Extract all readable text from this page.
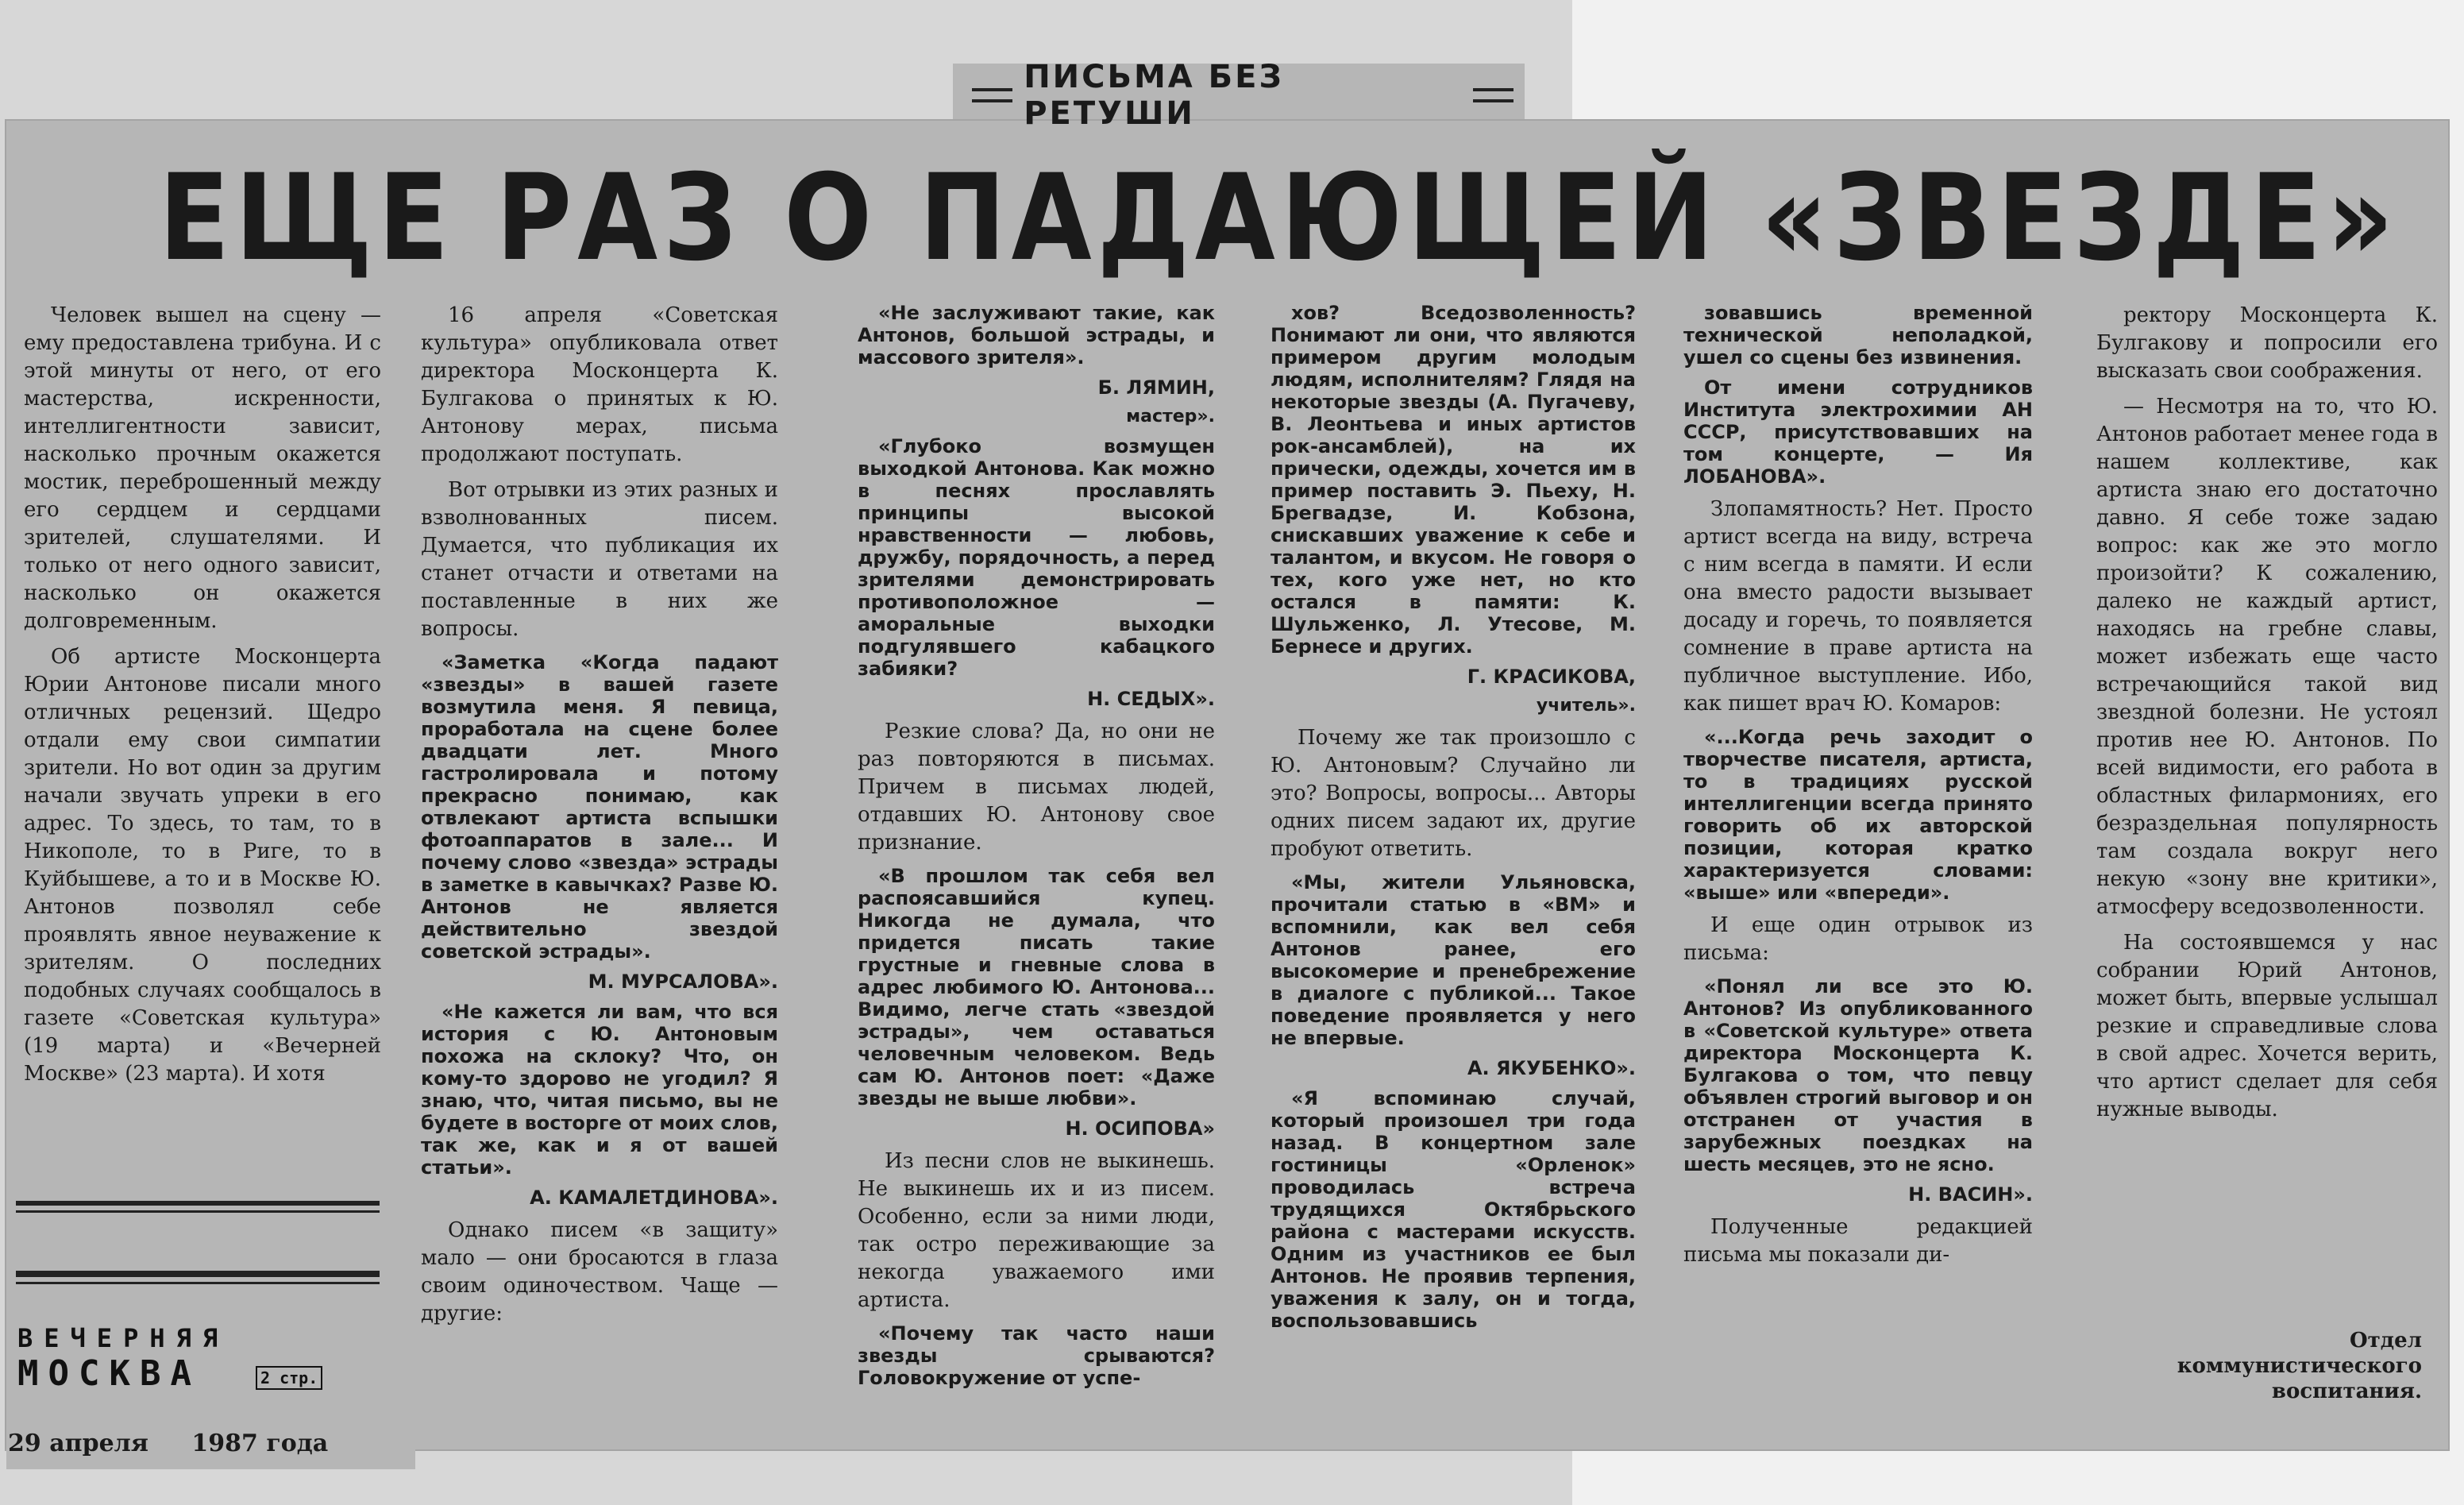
ПИСЬМА БЕЗ РЕТУШИ
ЕЩЕ РАЗ О ПАДАЮЩЕЙ «ЗВЕЗДЕ»

Человек вышел на сцену — ему предоставлена трибуна. И с этой минуты от него, от его мастерства, искренности, интеллигентности зависит, насколько прочным окажется мостик, переброшенный между его сердцем и сердцами зрителей, слушателями. И только от него одного зависит, насколько он окажется долговременным.

Об артисте Москонцерта Юрии Антонове писали много отличных рецензий. Щедро отдали ему свои симпатии зрители. Но вот один за другим начали звучать упреки в его адрес. То здесь, то там, то в Никополе, то в Риге, то в Куйбышеве, а то и в Москве Ю. Антонов позволял себе проявлять явное неуважение к зрителям. О последних подобных случаях сообщалось в газете «Советская культура» (19 марта) и «Вечерней Москве» (23 марта). И хотя

16 апреля «Советская культура» опубликовала ответ директора Москонцерта К. Булгакова о принятых к Ю. Антонову мерах, письма продолжают поступать.

Вот отрывки из этих разных и взволнованных писем. Думается, что публикация их станет отчасти и ответами на поставленные в них же вопросы.

«Заметка «Когда падают «звезды» в вашей газете возмутила меня. Я певица, проработала на сцене более двадцати лет. Много гастролировала и потому прекрасно понимаю, как отвлекают артиста вспышки фотоаппаратов в зале... И почему слово «звезда» эстрады в заметке в кавычках? Разве Ю. Антонов не является действительно звездой советской эстрады».

М. МУРСАЛОВА».

«Не кажется ли вам, что вся история с Ю. Антоновым похожа на склоку? Что, он кому-то здорово не угодил? Я знаю, что, читая письмо, вы не будете в восторге от моих слов, так же, как и я от вашей статьи».

А. КАМАЛЕТДИНОВА».

Однако писем «в защиту» мало — они бросаются в глаза своим одиночеством. Чаще — другие:

«Не заслуживают такие, как Антонов, большой эстрады, и массового зрителя».

Б. ЛЯМИН,

мастер».

«Глубоко возмущен выходкой Антонова. Как можно в песнях прославлять принципы высокой нравственности — любовь, дружбу, порядочность, а перед зрителями демонстрировать противоположное — аморальные выходки подгулявшего кабацкого забияки?

Н. СЕДЫХ».

Резкие слова? Да, но они не раз повторяются в письмах. Причем в письмах людей, отдавших Ю. Антонову свое признание.

«В прошлом так себя вел распоясавшийся купец. Никогда не думала, что придется писать такие грустные и гневные слова в адрес любимого Ю. Антонова... Видимо, легче стать «звездой эстрады», чем оставаться человечным человеком. Ведь сам Ю. Антонов поет: «Даже звезды не выше любви».

Н. ОСИПОВА»

Из песни слов не выкинешь. Не выкинешь их и из писем. Особенно, если за ними люди, так остро переживающие за некогда уважаемого ими артиста.

«Почему так часто наши звезды срываются? Головокружение от успе-

хов? Вседозволенность? Понимают ли они, что являются примером другим молодым людям, исполнителям? Глядя на некоторые звезды (А. Пугачеву, В. Леонтьева и иных артистов рок-ансамблей), на их прически, одежды, хочется им в пример поставить Э. Пьеху, Н. Брегвадзе, И. Кобзона, снискавших уважение к себе и талантом, и вкусом. Не говоря о тех, кого уже нет, но кто остался в памяти: К. Шульженко, Л. Утесове, М. Бернесе и других.

Г. КРАСИКОВА,

учитель».

Почему же так произошло с Ю. Антоновым? Случайно ли это? Вопросы, вопросы... Авторы одних писем задают их, другие пробуют ответить.

«Мы, жители Ульяновска, прочитали статью в «ВМ» и вспомнили, как вел себя Антонов ранее, его высокомерие и пренебрежение в диалоге с публикой... Такое поведение проявляется у него не впервые.

А. ЯКУБЕНКО».

«Я вспоминаю случай, который произошел три года назад. В концертном зале гостиницы «Орленок» проводилась встреча трудящихся Октябрьского района с мастерами искусств. Одним из участников ее был Антонов. Не проявив терпения, уважения к залу, он и тогда, воспользовавшись

зовавшись временной технической неполадкой, ушел со сцены без извинения.

От имени сотрудников Института электрохимии АН СССР, присутствовавших на том концерте, — Ия ЛОБАНОВА».

Злопамятность? Нет. Просто артист всегда на виду, встреча с ним всегда в памяти. И если она вместо радости вызывает досаду и горечь, то появляется сомнение в праве артиста на публичное выступление. Ибо, как пишет врач Ю. Комаров:

«...Когда речь заходит о творчестве писателя, артиста, то в традициях русской интеллигенции всегда принято говорить об их авторской позиции, которая кратко характеризуется словами: «выше» или «впереди».

И еще один отрывок из письма:

«Понял ли все это Ю. Антонов? Из опубликованного в «Советской культуре» ответа директора Москонцерта К. Булгакова о том, что певцу объявлен строгий выговор и он отстранен от участия в зарубежных поездках на шесть месяцев, это не ясно.

Н. ВАСИН».

Полученные редакцией письма мы показали ди-

ректору Москонцерта К. Булгакову и попросили его высказать свои соображения.

— Несмотря на то, что Ю. Антонов работает менее года в нашем коллективе, как артиста знаю его достаточно давно. Я себе тоже задаю вопрос: как же это могло произойти? К сожалению, далеко не каждый артист, находясь на гребне славы, может избежать еще часто встречающийся такой вид звездной болезни. Не устоял против нее Ю. Антонов. По всей видимости, его работа в областных филармониях, его безраздельная популярность там создала вокруг него некую «зону вне критики», атмосферу вседозволенности.

На состоявшемся у нас собрании Юрий Антонов, может быть, впервые услышал резкие и справедливые слова в свой адрес. Хочется верить, что артист сделает для себя нужные выводы.

ВЕЧЕРНЯЯ
МОСКВА	2 стр.
29 апреля 1987 года
Отдел
коммунистического
воспитания.
